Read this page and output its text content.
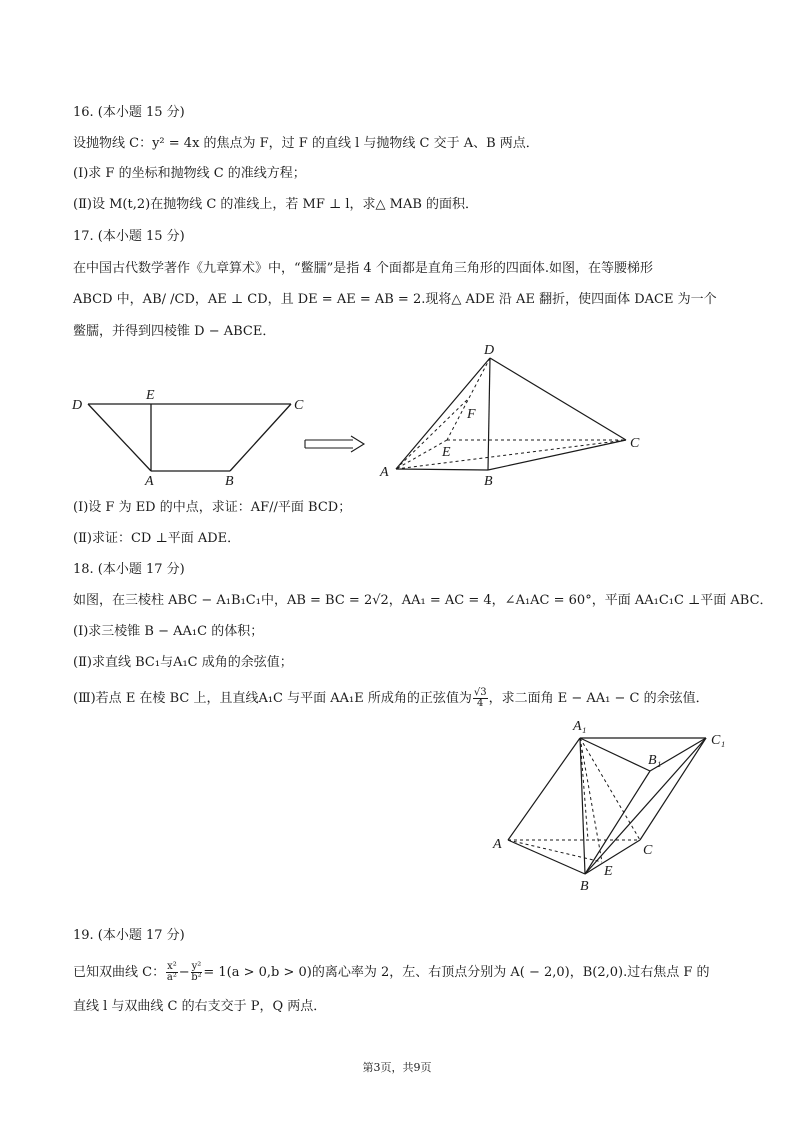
16. (本小题 15 分)
设抛物线 C：y² = 4x 的焦点为 F，过 F 的直线 l 与抛物线 C 交于 A、B 两点．
(Ⅰ)求 F 的坐标和抛物线 C 的准线方程；
(Ⅱ)设 M(t,2)在抛物线 C 的准线上，若 MF ⊥ l，求△ MAB 的面积．
17. (本小题 15 分)
在中国古代数学著作《九章算术》中，“鳖臑”是指 4 个面都是直角三角形的四面体.如图，在等腰梯形
ABCD 中，AB/ /CD，AE ⊥ CD，且 DE = AE = AB = 2.现将△ ADE 沿 AE 翻折，使四面体 DACE 为一个
鳖臑，并得到四棱锥 D − ABCE．
D
E
C
A	B
D
F
E
A
B
C
(Ⅰ)设 F 为 ED 的中点，求证：AF//平面 BCD；
(Ⅱ)求证：CD ⊥平面 ADE．
18. (本小题 17 分)
如图，在三棱柱 ABC − A₁B₁C₁中，AB = BC = 2√2，AA₁ = AC = 4，∠A₁AC = 60°，平面 AA₁C₁C ⊥平面 ABC．
(Ⅰ)求三棱锥 B − AA₁C 的体积；
(Ⅱ)求直线 BC₁与A₁C 成角的余弦值；
(Ⅲ)若点 E 在棱 BC 上，且直线A₁C 与平面 AA₁E 所成角的正弦值为 $\frac{√3}{4}$ ，求二面角 E − AA₁ − C 的余弦值．
A₁
C₁
B₁
A	C
E
B
19. (本小题 17 分)
已知双曲线 C： $\frac{\text{x²}}{\text{a²}} - \frac{\text{y²}}{\text{b²}} = 1(a > 0,b > 0)$的离心率为 2，左、右顶点分别为 A( − 2,0)，B(2,0).过右焦点 F 的
直线 l 与双曲线 C 的右支交于 P，Q 两点．
第3页，共9页
